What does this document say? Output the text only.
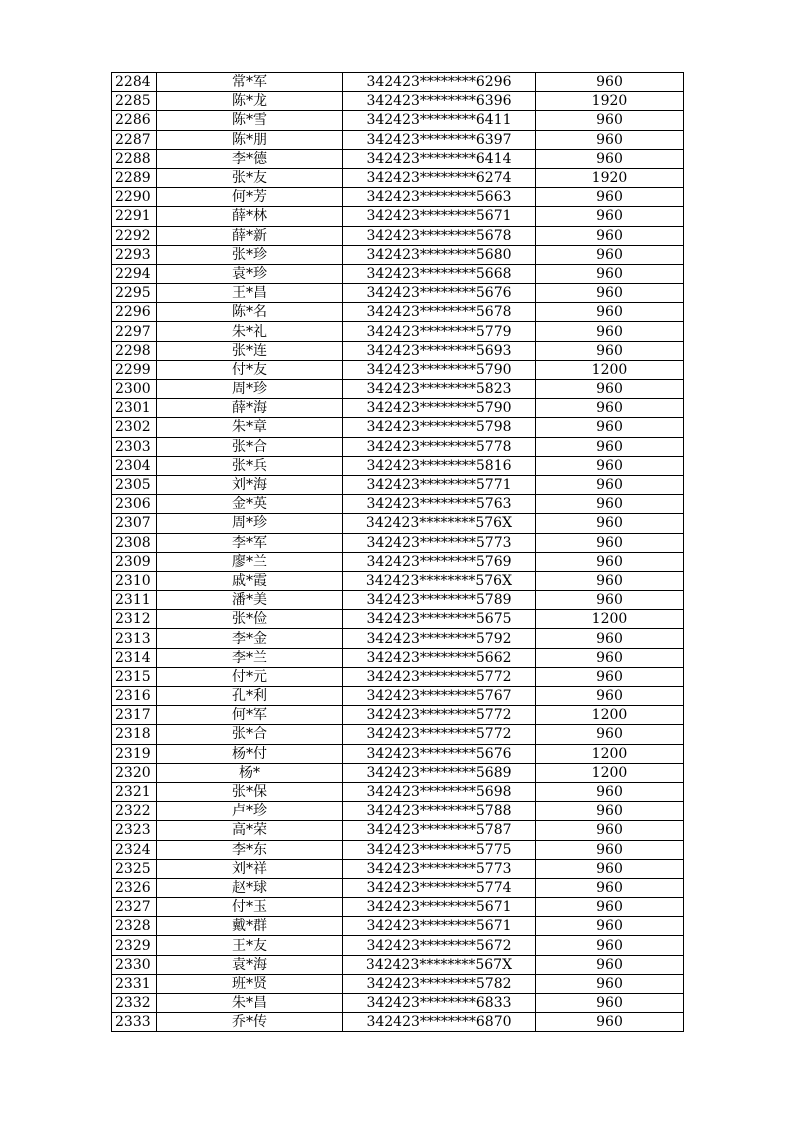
2284	常*军	342423********6296	960
2285	陈*龙	342423********6396	1920
2286	陈*雪	342423********6411	960
2287	陈*朋	342423********6397	960
2288	李*德	342423********6414	960
2289	张*友	342423********6274	1920
2290	何*芳	342423********5663	960
2291	薛*林	342423********5671	960
2292	薛*新	342423********5678	960
2293	张*珍	342423********5680	960
2294	袁*珍	342423********5668	960
2295	王*昌	342423********5676	960
2296	陈*名	342423********5678	960
2297	朱*礼	342423********5779	960
2298	张*连	342423********5693	960
2299	付*友	342423********5790	1200
2300	周*珍	342423********5823	960
2301	薛*海	342423********5790	960
2302	朱*章	342423********5798	960
2303	张*合	342423********5778	960
2304	张*兵	342423********5816	960
2305	刘*海	342423********5771	960
2306	金*英	342423********5763	960
2307	周*珍	342423********576X	960
2308	李*军	342423********5773	960
2309	廖*兰	342423********5769	960
2310	戚*霞	342423********576X	960
2311	潘*美	342423********5789	960
2312	张*俭	342423********5675	1200
2313	李*金	342423********5792	960
2314	李*兰	342423********5662	960
2315	付*元	342423********5772	960
2316	孔*利	342423********5767	960
2317	何*军	342423********5772	1200
2318	张*合	342423********5772	960
2319	杨*付	342423********5676	1200
2320	杨*	342423********5689	1200
2321	张*保	342423********5698	960
2322	卢*珍	342423********5788	960
2323	高*荣	342423********5787	960
2324	李*东	342423********5775	960
2325	刘*祥	342423********5773	960
2326	赵*球	342423********5774	960
2327	付*玉	342423********5671	960
2328	戴*群	342423********5671	960
2329	王*友	342423********5672	960
2330	袁*海	342423********567X	960
2331	班*贤	342423********5782	960
2332	朱*昌	342423********6833	960
2333	乔*传	342423********6870	960
